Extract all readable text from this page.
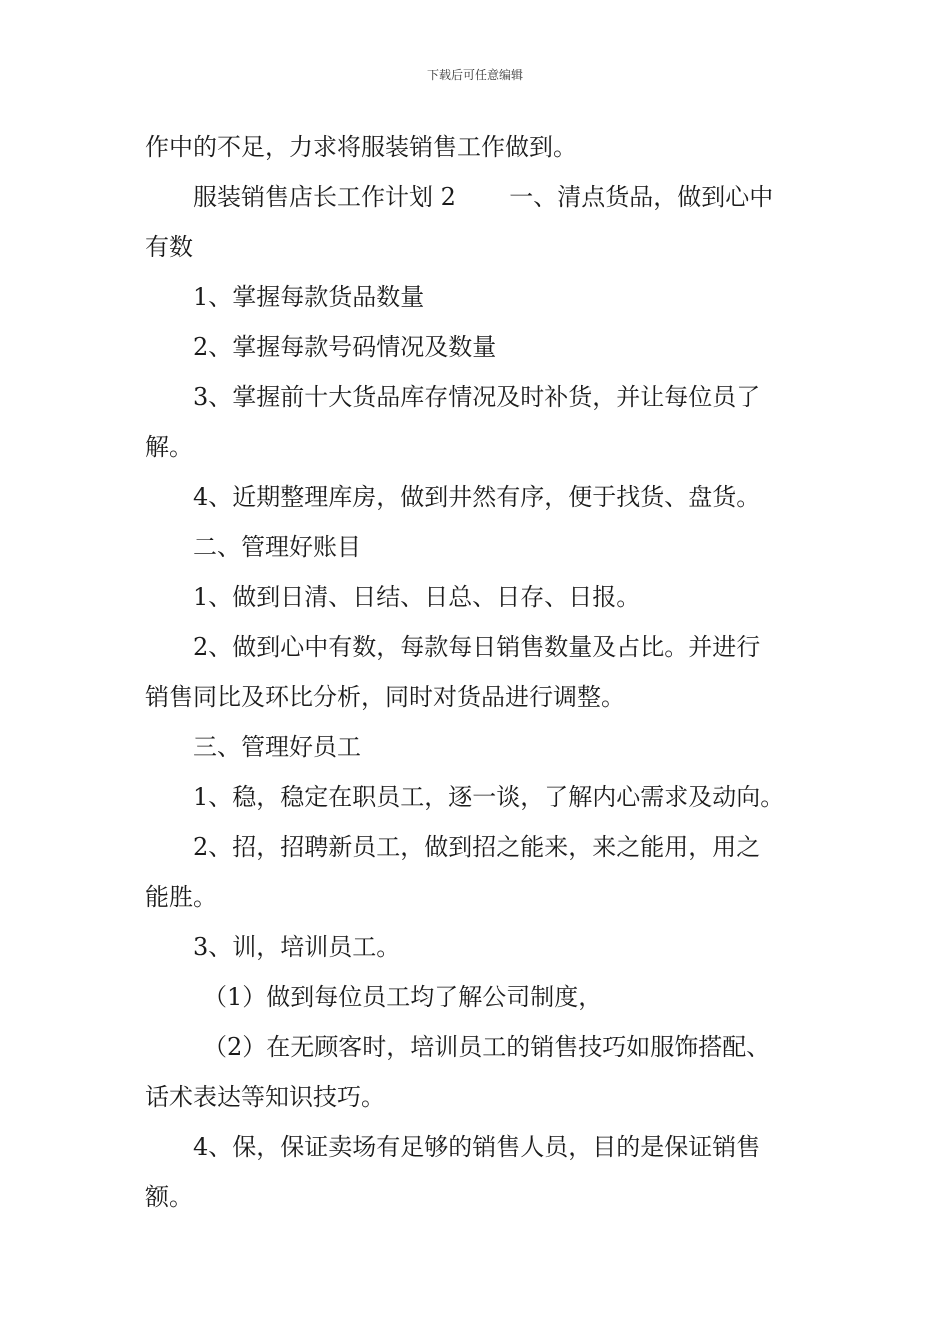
下载后可任意编辑
作中的不足，力求将服装销售工作做到。
服装销售店长工作计划 2       一、清点货品，做到心中
有数
1、掌握每款货品数量
2、掌握每款号码情况及数量
3、掌握前十大货品库存情况及时补货，并让每位员了
解。
4、近期整理库房，做到井然有序，便于找货、盘货。
二、管理好账目
1、做到日清、日结、日总、日存、日报。
2、做到心中有数，每款每日销售数量及占比。并进行
销售同比及环比分析，同时对货品进行调整。
三、管理好员工
1、稳，稳定在职员工，逐一谈，了解内心需求及动向。
2、招，招聘新员工，做到招之能来，来之能用，用之
能胜。
3、训，培训员工。
（1）做到每位员工均了解公司制度，
（2）在无顾客时，培训员工的销售技巧如服饰搭配、
话术表达等知识技巧。
4、保，保证卖场有足够的销售人员，目的是保证销售
额。
